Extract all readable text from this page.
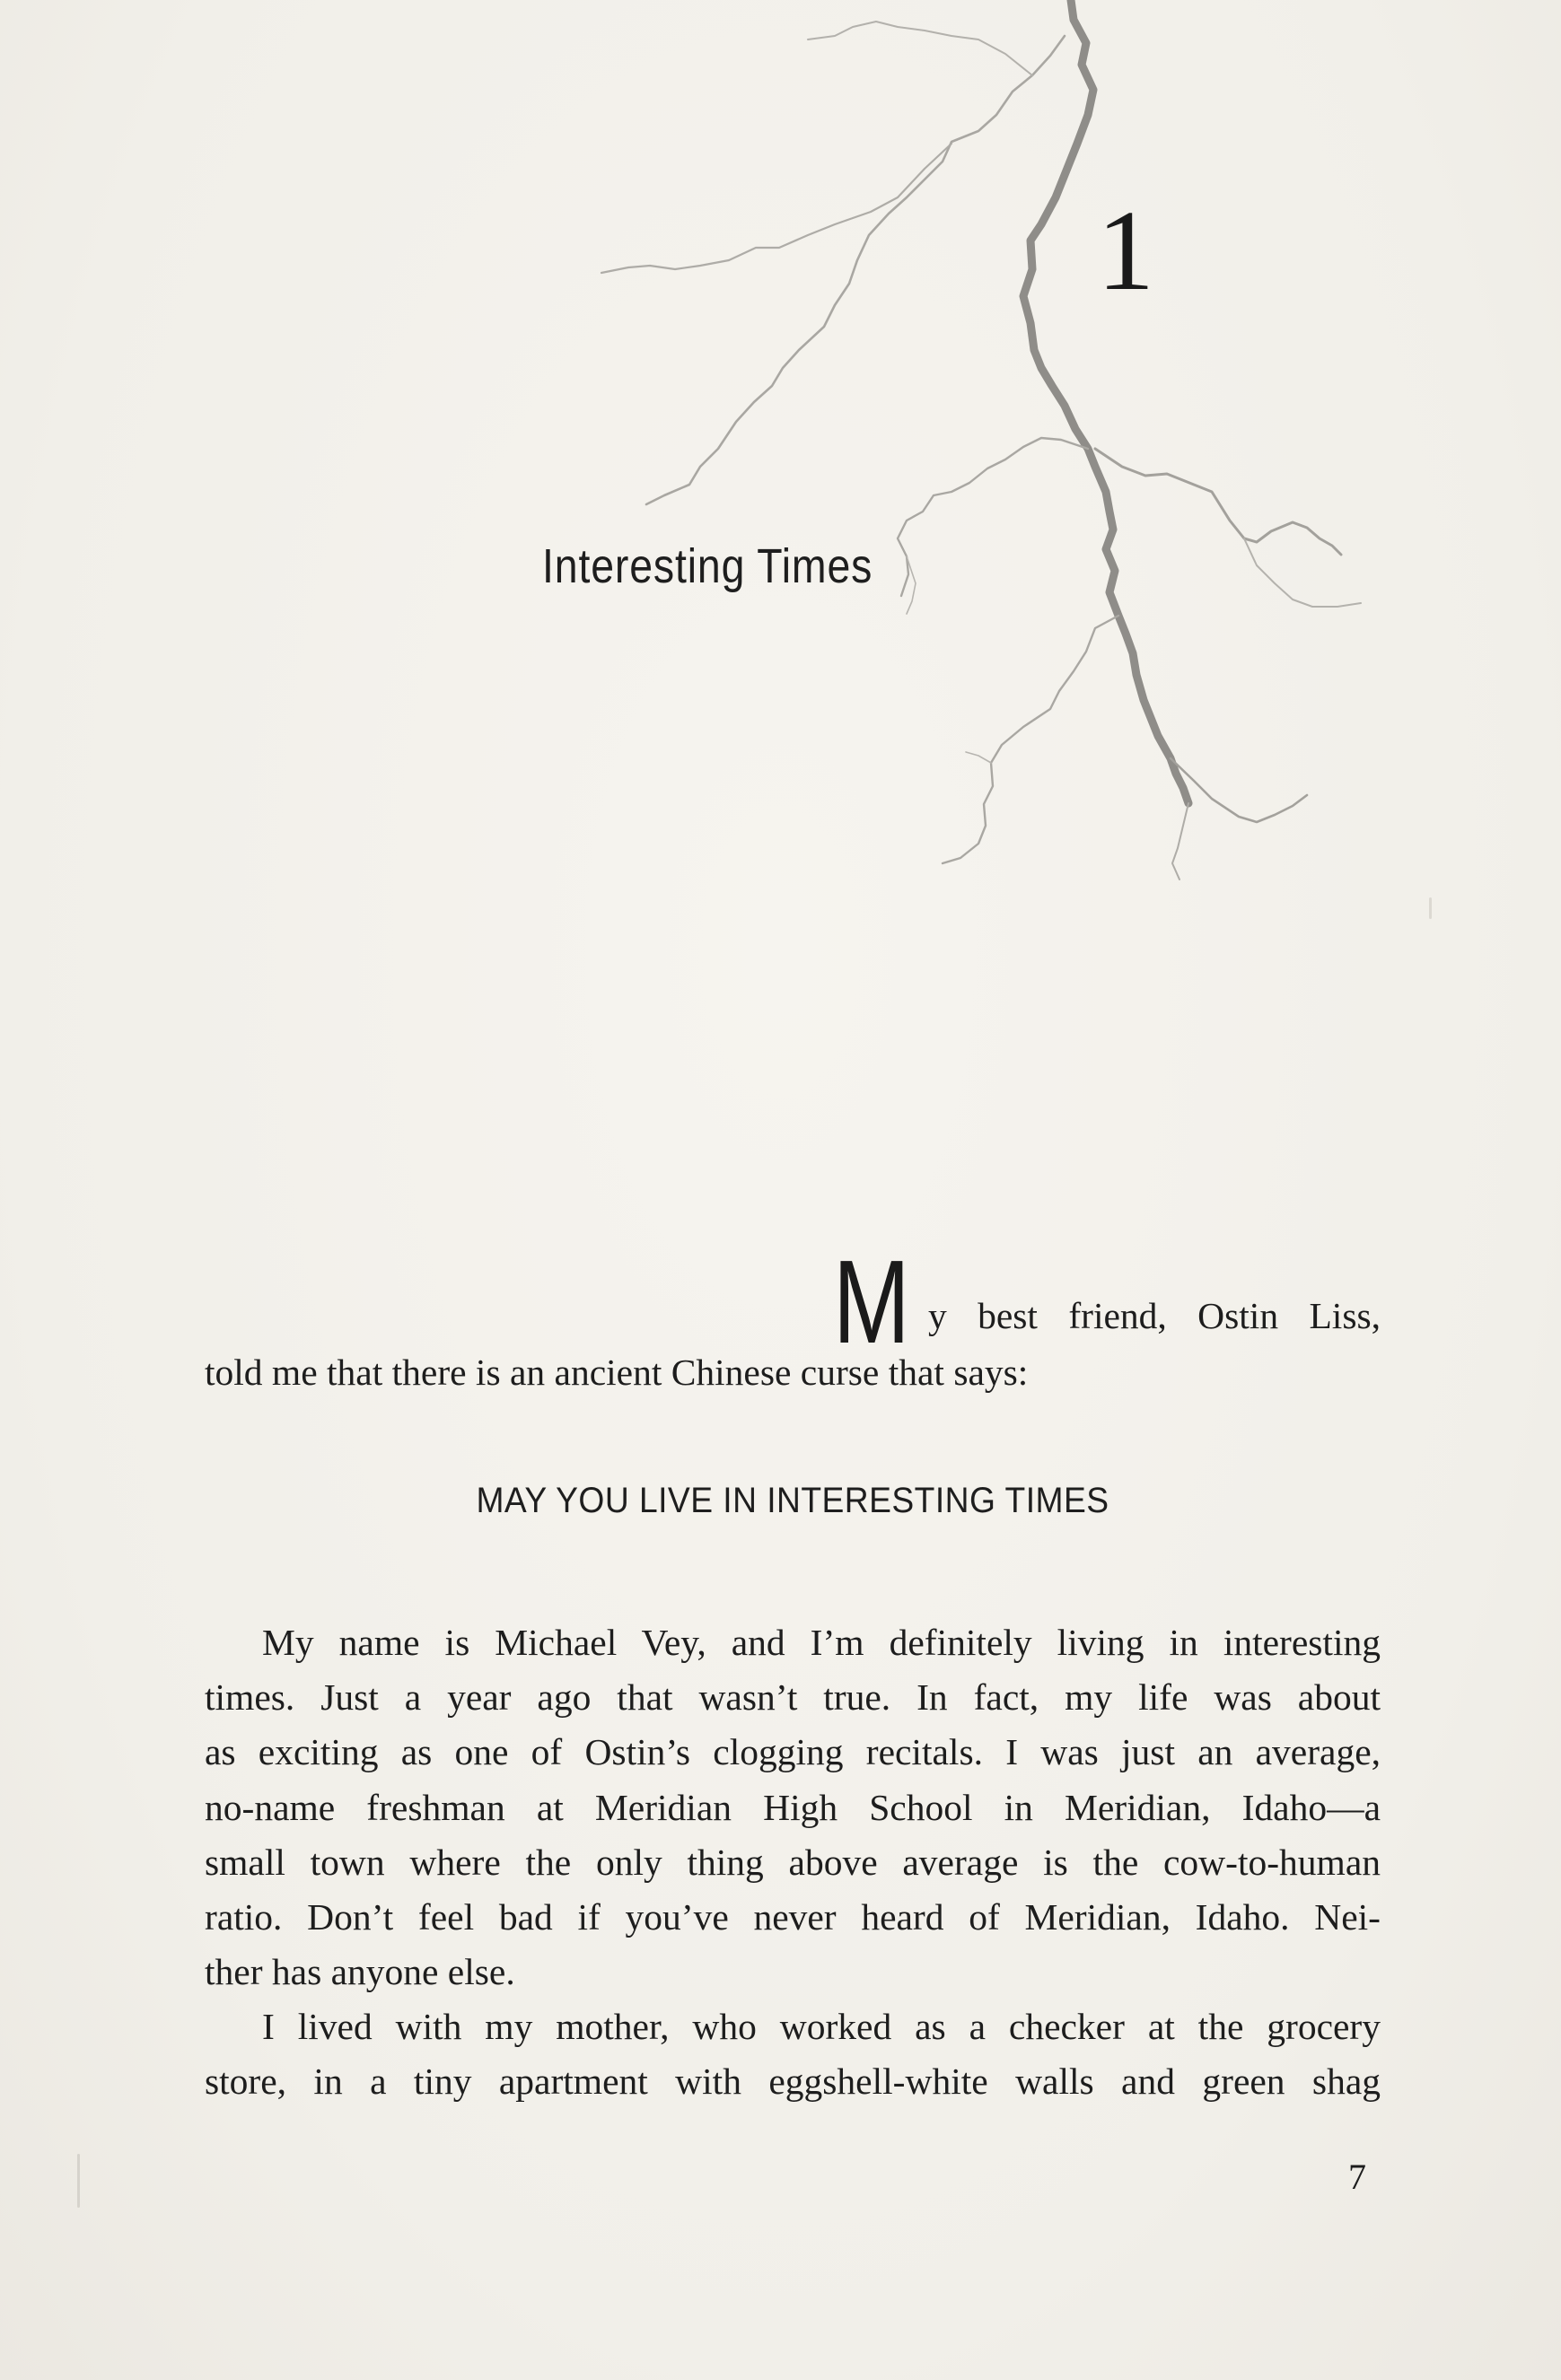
1
Interesting Times
M y best friend, Ostin Liss,
told me that there is an ancient Chinese curse that says:
MAY YOU LIVE IN INTERESTING TIMES
My name is Michael Vey, and I’m definitely living in interesting
times. Just a year ago that wasn’t true. In fact, my life was about
as exciting as one of Ostin’s clogging recitals. I was just an average,
no-name freshman at Meridian High School in Meridian, Idaho—a
small town where the only thing above average is the cow-to-human
ratio. Don’t feel bad if you’ve never heard of Meridian, Idaho. Nei-
ther has anyone else.
I lived with my mother, who worked as a checker at the grocery
store, in a tiny apartment with eggshell-white walls and green shag
7
